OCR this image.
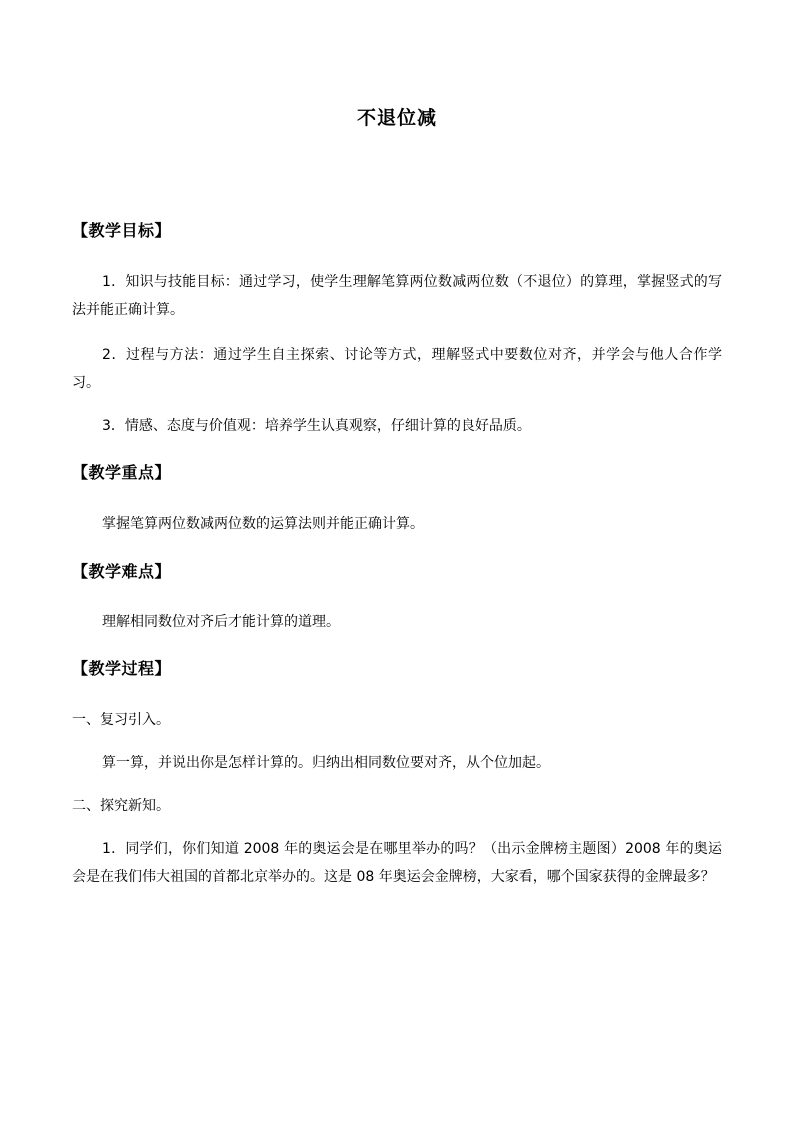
不退位减
【教学目标】
1．知识与技能目标：通过学习，使学生理解笔算两位数减两位数（不退位）的算理，掌握竖式的写法并能正确计算。
2．过程与方法：通过学生自主探索、讨论等方式，理解竖式中要数位对齐，并学会与他人合作学习。
3．情感、态度与价值观：培养学生认真观察，仔细计算的良好品质。
【教学重点】
掌握笔算两位数减两位数的运算法则并能正确计算。
【教学难点】
理解相同数位对齐后才能计算的道理。
【教学过程】
一、复习引入。
算一算，并说出你是怎样计算的。归纳出相同数位要对齐，从个位加起。
二、探究新知。
1．同学们，你们知道 2008 年的奥运会是在哪里举办的吗？（出示金牌榜主题图）2008 年的奥运会是在我们伟大祖国的首都北京举办的。这是 08 年奥运会金牌榜，大家看，哪个国家获得的金牌最多？
